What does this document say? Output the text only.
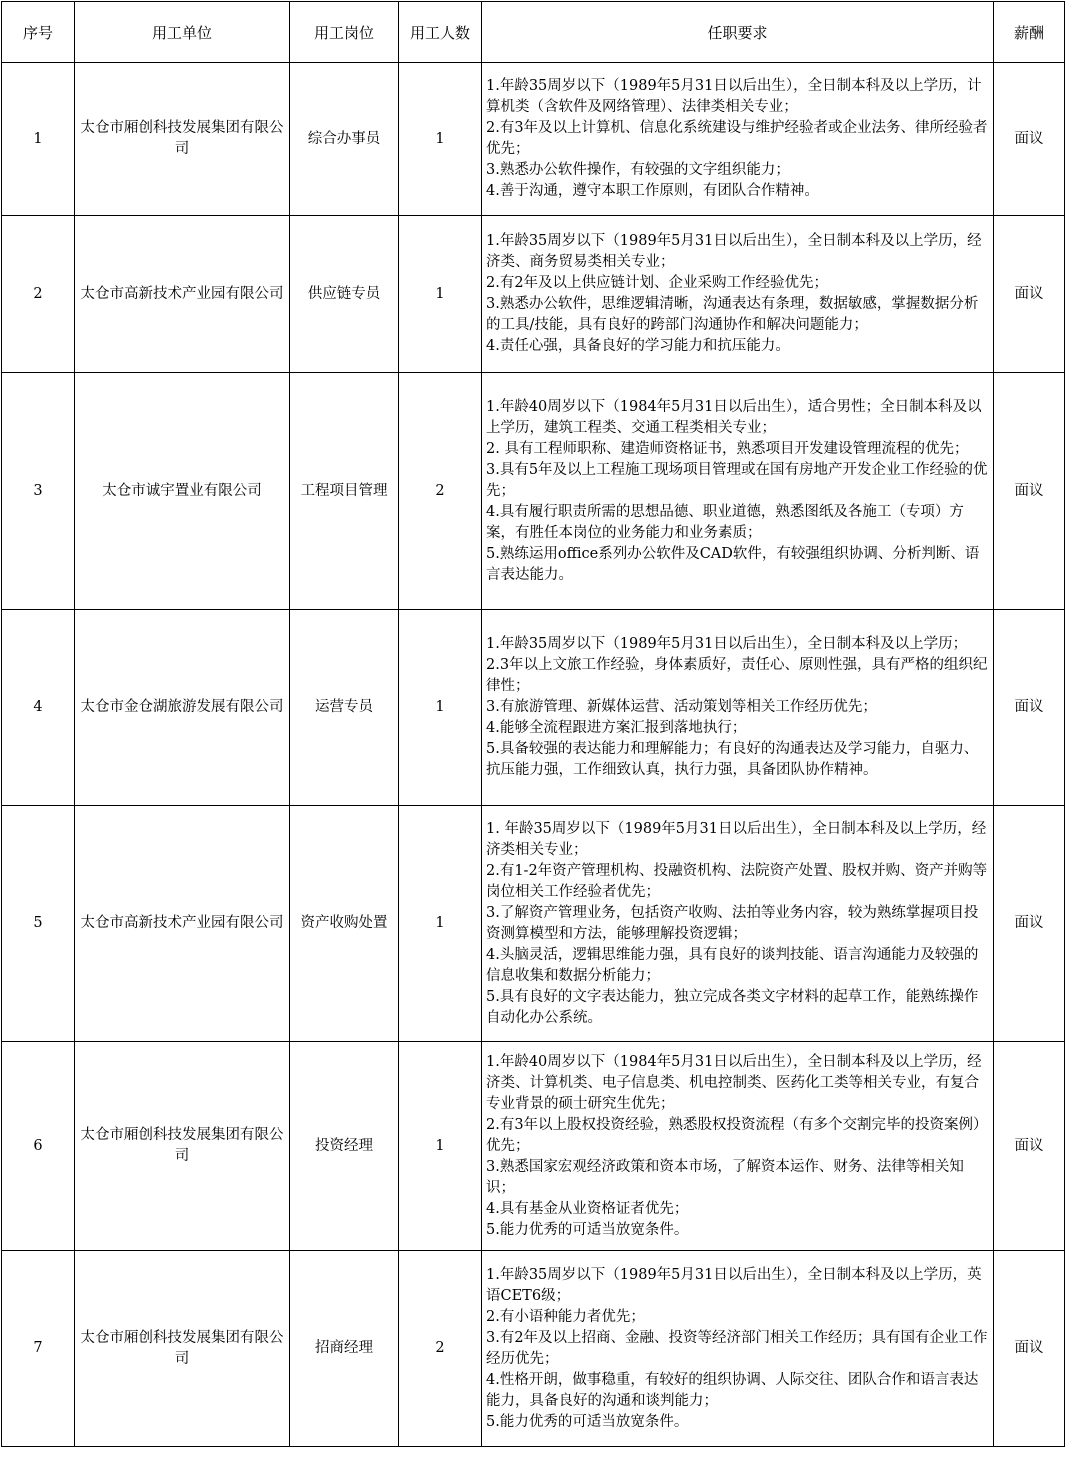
序号	用工单位	用工岗位	用工人数	任职要求	薪酬
1	太仓市厢创科技发展集团有限公司	综合办事员	1	1.年龄35周岁以下（1989年5月31日以后出生），全日制本科及以上学历，计算机类（含软件及网络管理）、法律类相关专业；
2.有3年及以上计算机、信息化系统建设与维护经验者或企业法务、律所经验者优先；
3.熟悉办公软件操作，有较强的文字组织能力；
4.善于沟通，遵守本职工作原则，有团队合作精神。	面议
2	太仓市高新技术产业园有限公司	供应链专员	1	1.年龄35周岁以下（1989年5月31日以后出生），全日制本科及以上学历，经济类、商务贸易类相关专业；
2.有2年及以上供应链计划、企业采购工作经验优先；
3.熟悉办公软件，思维逻辑清晰，沟通表达有条理，数据敏感，掌握数据分析的工具/技能，具有良好的跨部门沟通协作和解决问题能力；
4.责任心强，具备良好的学习能力和抗压能力。	面议
3	太仓市诚宇置业有限公司	工程项目管理	2	1.年龄40周岁以下（1984年5月31日以后出生），适合男性；全日制本科及以上学历，建筑工程类、交通工程类相关专业；
2. 具有工程师职称、建造师资格证书，熟悉项目开发建设管理流程的优先；
3.具有5年及以上工程施工现场项目管理或在国有房地产开发企业工作经验的优先；
4.具有履行职责所需的思想品德、职业道德，熟悉图纸及各施工（专项）方案，有胜任本岗位的业务能力和业务素质；
5.熟练运用office系列办公软件及CAD软件，有较强组织协调、分析判断、语言表达能力。	面议
4	太仓市金仓湖旅游发展有限公司	运营专员	1	1.年龄35周岁以下（1989年5月31日以后出生），全日制本科及以上学历；
2.3年以上文旅工作经验，身体素质好，责任心、原则性强，具有严格的组织纪律性；
3.有旅游管理、新媒体运营、活动策划等相关工作经历优先；
4.能够全流程跟进方案汇报到落地执行；
5.具备较强的表达能力和理解能力；有良好的沟通表达及学习能力，自驱力、抗压能力强，工作细致认真，执行力强，具备团队协作精神。	面议
5	太仓市高新技术产业园有限公司	资产收购处置	1	1. 年龄35周岁以下（1989年5月31日以后出生），全日制本科及以上学历，经济类相关专业；
2.有1-2年资产管理机构、投融资机构、法院资产处置、股权并购、资产并购等岗位相关工作经验者优先；
3.了解资产管理业务，包括资产收购、法拍等业务内容，较为熟练掌握项目投资测算模型和方法，能够理解投资逻辑；
4.头脑灵活，逻辑思维能力强，具有良好的谈判技能、语言沟通能力及较强的信息收集和数据分析能力；
5.具有良好的文字表达能力，独立完成各类文字材料的起草工作，能熟练操作自动化办公系统。	面议
6	太仓市厢创科技发展集团有限公司	投资经理	1	1.年龄40周岁以下（1984年5月31日以后出生），全日制本科及以上学历，经济类、计算机类、电子信息类、机电控制类、医药化工类等相关专业，有复合专业背景的硕士研究生优先；
2.有3年以上股权投资经验，熟悉股权投资流程（有多个交割完毕的投资案例）优先；
3.熟悉国家宏观经济政策和资本市场，了解资本运作、财务、法律等相关知识；
4.具有基金从业资格证者优先；
5.能力优秀的可适当放宽条件。	面议
7	太仓市厢创科技发展集团有限公司	招商经理	2	1.年龄35周岁以下（1989年5月31日以后出生），全日制本科及以上学历，英语CET6级；
2.有小语种能力者优先；
3.有2年及以上招商、金融、投资等经济部门相关工作经历；具有国有企业工作经历优先；
4.性格开朗，做事稳重，有较好的组织协调、人际交往、团队合作和语言表达能力，具备良好的沟通和谈判能力；
5.能力优秀的可适当放宽条件。	面议
